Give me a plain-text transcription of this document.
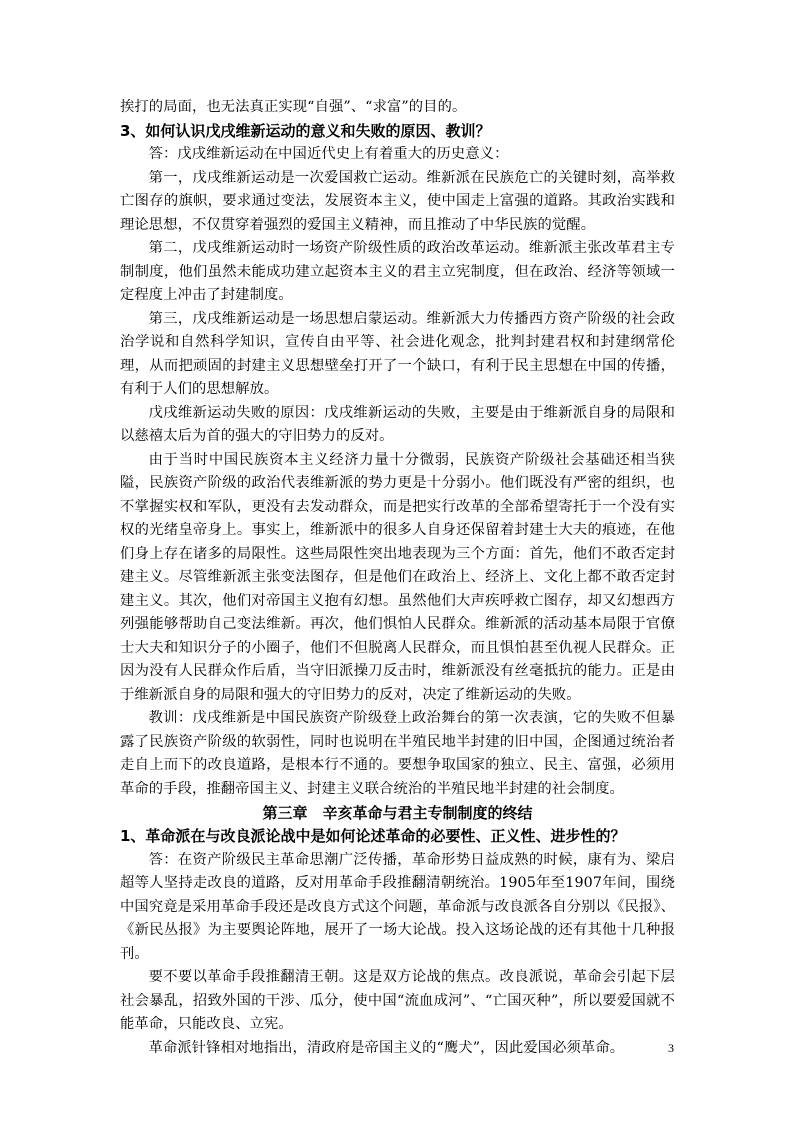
挨打的局面，也无法真正实现“自强”、“求富”的目的。

3、如何认识戊戌维新运动的意义和失败的原因、教训？

答：戊戌维新运动在中国近代史上有着重大的历史意义：

第一，戊戌维新运动是一次爱国救亡运动。维新派在民族危亡的关键时刻，高举救亡图存的旗帜，要求通过变法，发展资本主义，使中国走上富强的道路。其政治实践和理论思想，不仅贯穿着强烈的爱国主义精神，而且推动了中华民族的觉醒。

第二，戊戌维新运动时一场资产阶级性质的政治改革运动。维新派主张改革君主专制制度，他们虽然未能成功建立起资本主义的君主立宪制度，但在政治、经济等领域一定程度上冲击了封建制度。

第三，戊戌维新运动是一场思想启蒙运动。维新派大力传播西方资产阶级的社会政治学说和自然科学知识，宣传自由平等、社会进化观念，批判封建君权和封建纲常伦理，从而把顽固的封建主义思想壁垒打开了一个缺口，有利于民主思想在中国的传播，有利于人们的思想解放。

戊戌维新运动失败的原因：戊戌维新运动的失败，主要是由于维新派自身的局限和以慈禧太后为首的强大的守旧势力的反对。

由于当时中国民族资本主义经济力量十分微弱，民族资产阶级社会基础还相当狭隘，民族资产阶级的政治代表维新派的势力更是十分弱小。他们既没有严密的组织，也不掌握实权和军队，更没有去发动群众，而是把实行改革的全部希望寄托于一个没有实权的光绪皇帝身上。事实上，维新派中的很多人自身还保留着封建士大夫的痕迹，在他们身上存在诸多的局限性。这些局限性突出地表现为三个方面：首先，他们不敢否定封建主义。尽管维新派主张变法图存，但是他们在政治上、经济上、文化上都不敢否定封建主义。其次，他们对帝国主义抱有幻想。虽然他们大声疾呼救亡图存，却又幻想西方列强能够帮助自己变法维新。再次，他们惧怕人民群众。维新派的活动基本局限于官僚士大夫和知识分子的小圈子，他们不但脱离人民群众，而且惧怕甚至仇视人民群众。正因为没有人民群众作后盾，当守旧派操刀反击时，维新派没有丝毫抵抗的能力。正是由于维新派自身的局限和强大的守旧势力的反对，决定了维新运动的失败。

教训：戊戌维新是中国民族资产阶级登上政治舞台的第一次表演，它的失败不但暴露了民族资产阶级的软弱性，同时也说明在半殖民地半封建的旧中国，企图通过统治者走自上而下的改良道路，是根本行不通的。要想争取国家的独立、民主、富强，必须用革命的手段，推翻帝国主义、封建主义联合统治的半殖民地半封建的社会制度。

第三章　辛亥革命与君主专制制度的终结

1、革命派在与改良派论战中是如何论述革命的必要性、正义性、进步性的？

答：在资产阶级民主革命思潮广泛传播，革命形势日益成熟的时候，康有为、梁启超等人坚持走改良的道路，反对用革命手段推翻清朝统治。1905年至1907年间，围绕中国究竟是采用革命手段还是改良方式这个问题，革命派与改良派各自分别以《民报》、《新民丛报》为主要舆论阵地，展开了一场大论战。投入这场论战的还有其他十几种报刊。

要不要以革命手段推翻清王朝。这是双方论战的焦点。改良派说，革命会引起下层社会暴乱，招致外国的干涉、瓜分，使中国“流血成河”、“亡国灭种”，所以要爱国就不能革命，只能改良、立宪。

革命派针锋相对地指出，清政府是帝国主义的“鹰犬”，因此爱国必须革命。	3
